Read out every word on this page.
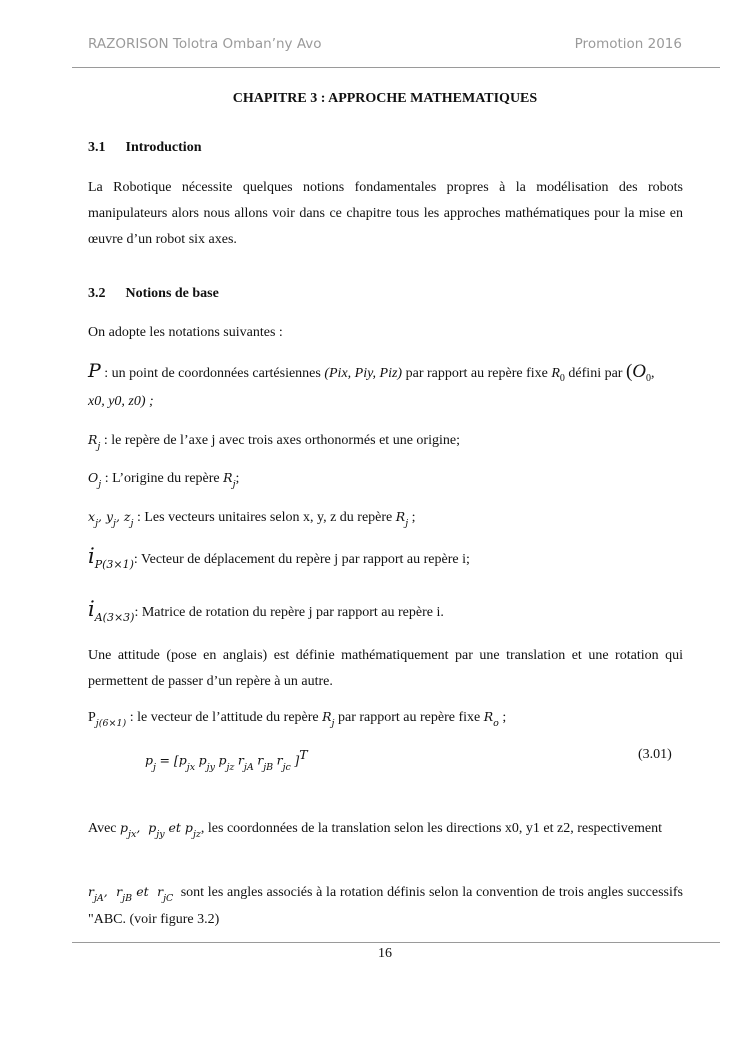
RAZORISON Tolotra Omban’ny Avo	Promotion 2016
CHAPITRE 3 : APPROCHE MATHEMATIQUES
3.1 Introduction
La Robotique nécessite quelques notions fondamentales propres à la modélisation des robots manipulateurs alors nous allons voir dans ce chapitre tous les approches mathématiques pour la mise en œuvre d’un robot six axes.
3.2 Notions de base
On adopte les notations suivantes :
P : un point de coordonnées cartésiennes (Pix, Piy, Piz) par rapport au repère fixe $R_0$ défini par ($O_0$,
x0, y0, z0) ;
$R_j$ : le repère de l’axe j avec trois axes orthonormés et une origine;
$O_j$ : L’origine du repère $R_j$;
$x_j$, $y_j$, $z_j$ : Les vecteurs unitaires selon x, y, z du repère $R_j$ ;
$i_{P(3\times 1)}$: Vecteur de déplacement du repère j par rapport au repère i;
$i_{A(3\times 3)}$: Matrice de rotation du repère j par rapport au repère i.
Une attitude (pose en anglais) est définie mathématiquement par une translation et une rotation qui permettent de passer d’un repère à un autre.
$P_{j(6\times 1)}$ : le vecteur de l’attitude du repère $R_j$ par rapport au repère fixe $R_o$ ;
$p_j = [p_{jx}$ $p_{jy}$ $p_{jz}$ $r_{jA}$ $r_{jB}$ $r_{jc}$ ]$^T$	(3.01)
Avec $p_{jx}$,  $p_{jy}$ et $p_{jz}$, les coordonnées de la translation selon les directions x0, y1 et z2, respectivement
$r_{jA}$,  $r_{jB}$ et  $r_{jC}$ sont les angles associés à la rotation définis selon la convention de trois angles successifs "ABC. (voir figure 3.2)
16
